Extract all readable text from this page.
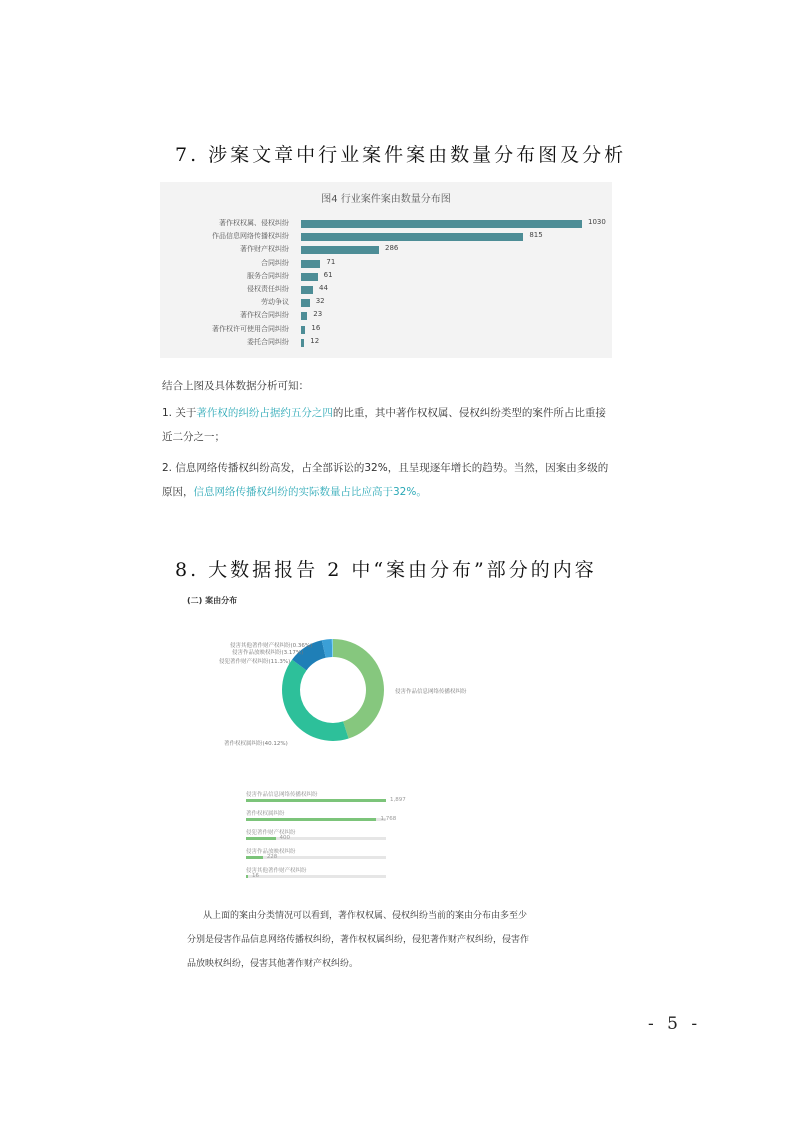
7. 涉案文章中行业案件案由数量分布图及分析
图4 行业案件案由数量分布图
著作权权属、侵权纠纷	1030
作品信息网络传播权纠纷	815
著作财产权纠纷	286
合同纠纷	71
服务合同纠纷	61
侵权责任纠纷	44
劳动争议	32
著作权合同纠纷	23
著作权许可使用合同纠纷	16
委托合同纠纷	12
结合上图及具体数据分析可知：
1. 关于著作权的纠纷占据约五分之四的比重，其中著作权权属、侵权纠纷类型的案件所占比重接
近二分之一；
2. 信息网络传播权纠纷高发，占全部诉讼的32%，且呈现逐年增长的趋势。当然，因案由多级的
原因，信息网络传播权纠纷的实际数量占比应高于32%。
8. 大数据报告 2 中“案由分布”部分的内容
(二) 案由分布
侵害作品信息网络传播权纠纷
著作权权属纠纷(40.12%)
侵犯著作财产权纠纷(11.3%)
侵害作品放映权纠纷(3.17%)
侵害其他著作财产权纠纷(0.36%)
侵害作品信息网络传播权纠纷
1,897
著作权权属纠纷
1,768
侵犯著作财产权纠纷
400
侵害作品放映权纠纷
228
侵害其他著作财产权纠纷
16
从上面的案由分类情况可以看到，著作权权属、侵权纠纷当前的案由分布由多至少
分别是侵害作品信息网络传播权纠纷，著作权权属纠纷，侵犯著作财产权纠纷，侵害作
品放映权纠纷，侵害其他著作财产权纠纷。
- 5 -
